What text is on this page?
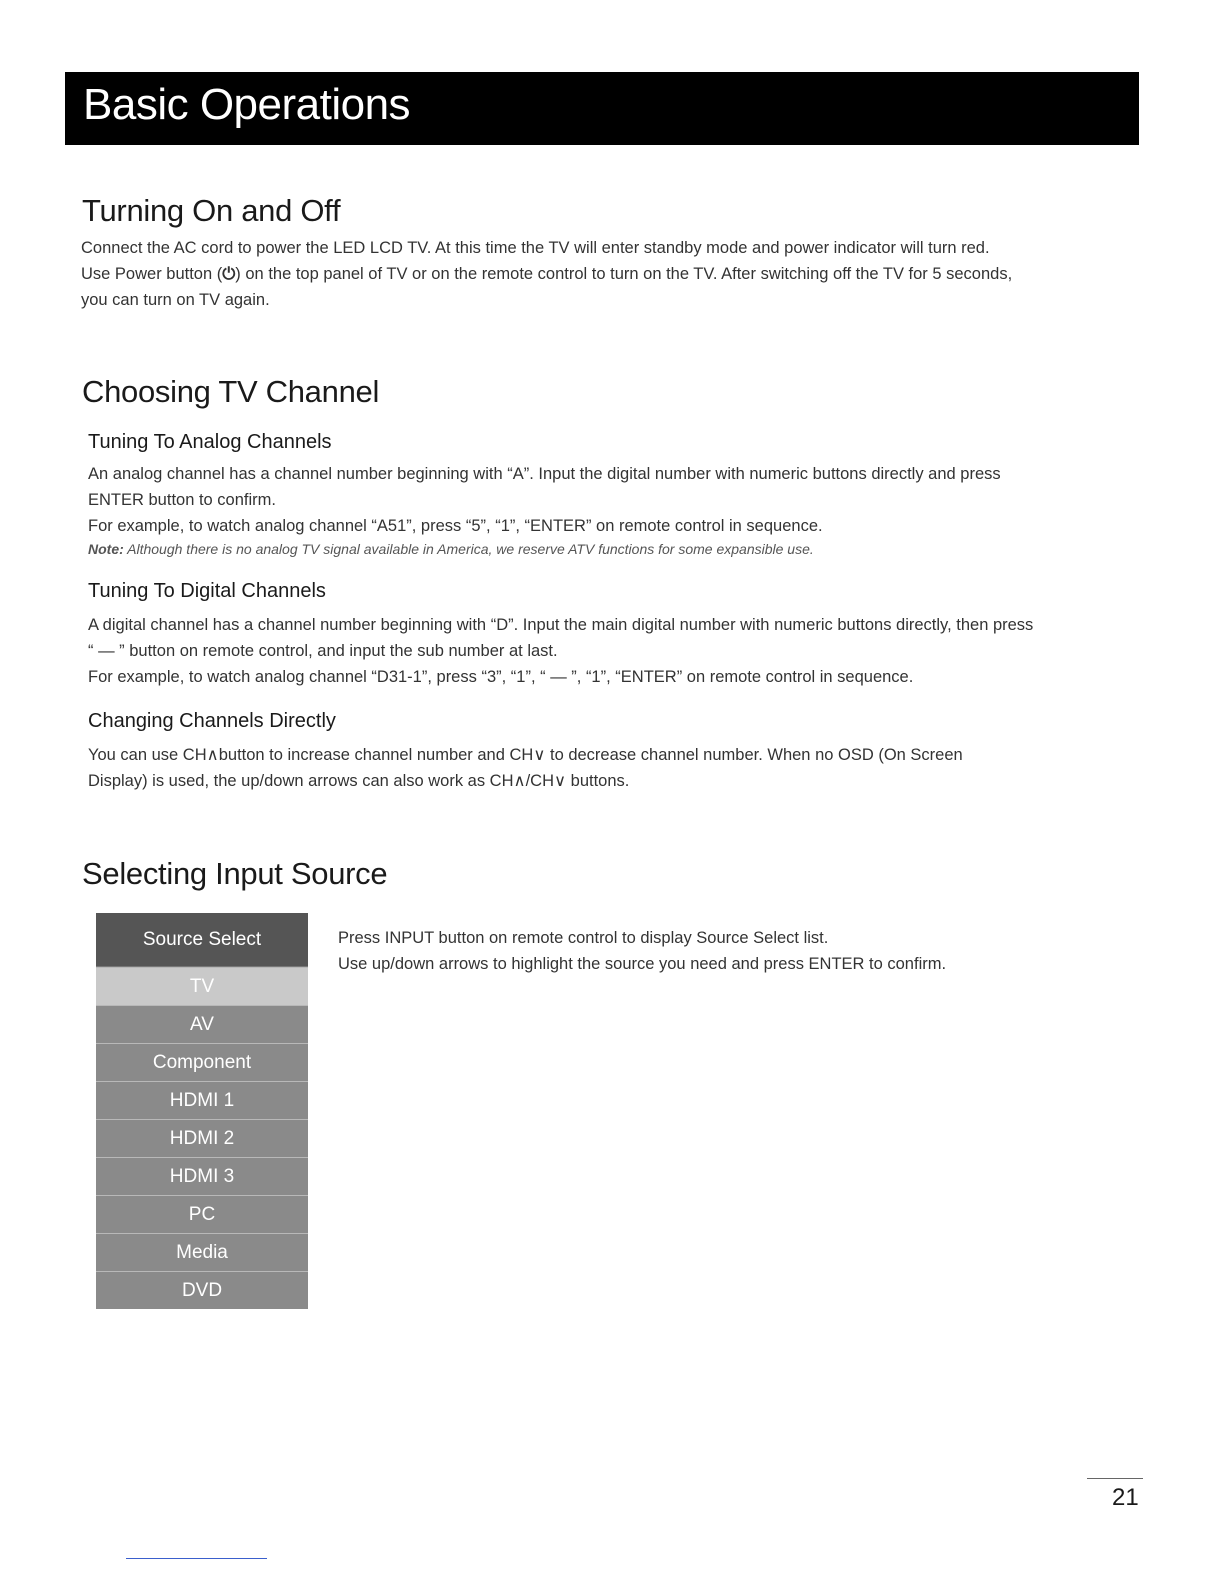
Basic Operations
Turning On and Off

Connect the AC cord to power the LED LCD TV. At this time the TV will enter standby mode and power indicator will turn red.

Use Power button (⏻) on the top panel of TV or on the remote control to turn on the TV. After switching off the TV for 5 seconds,

you can turn on TV again.

Choosing TV Channel
Tuning To Analog Channels

An analog channel has a channel number beginning with “A”. Input the digital number with numeric buttons directly and press

ENTER button to confirm.

For example, to watch analog channel “A51”, press “5”, “1”, “ENTER” on remote control in sequence.

Note: Although there is no analog TV signal available in America, we reserve ATV functions for some expansible use.

Tuning To Digital Channels

A digital channel has a channel number beginning with “D”. Input the main digital number with numeric buttons directly, then press

“ — ” button on remote control, and input the sub number at last.

For example, to watch analog channel “D31-1”, press “3”, “1”, “ — ”, “1”, “ENTER” on remote control in sequence.

Changing Channels Directly

You can use CH∧button to increase channel number and CH∨ to decrease channel number. When no OSD (On Screen

Display) is used, the up/down arrows can also work as CH∧/CH∨ buttons.

Selecting Input Source
Source Select
TV
AV
Component
HDMI 1
HDMI 2
HDMI 3
PC
Media
DVD

Press INPUT button on remote control to display Source Select list.

Use up/down arrows to highlight the source you need and press ENTER to confirm.

21
